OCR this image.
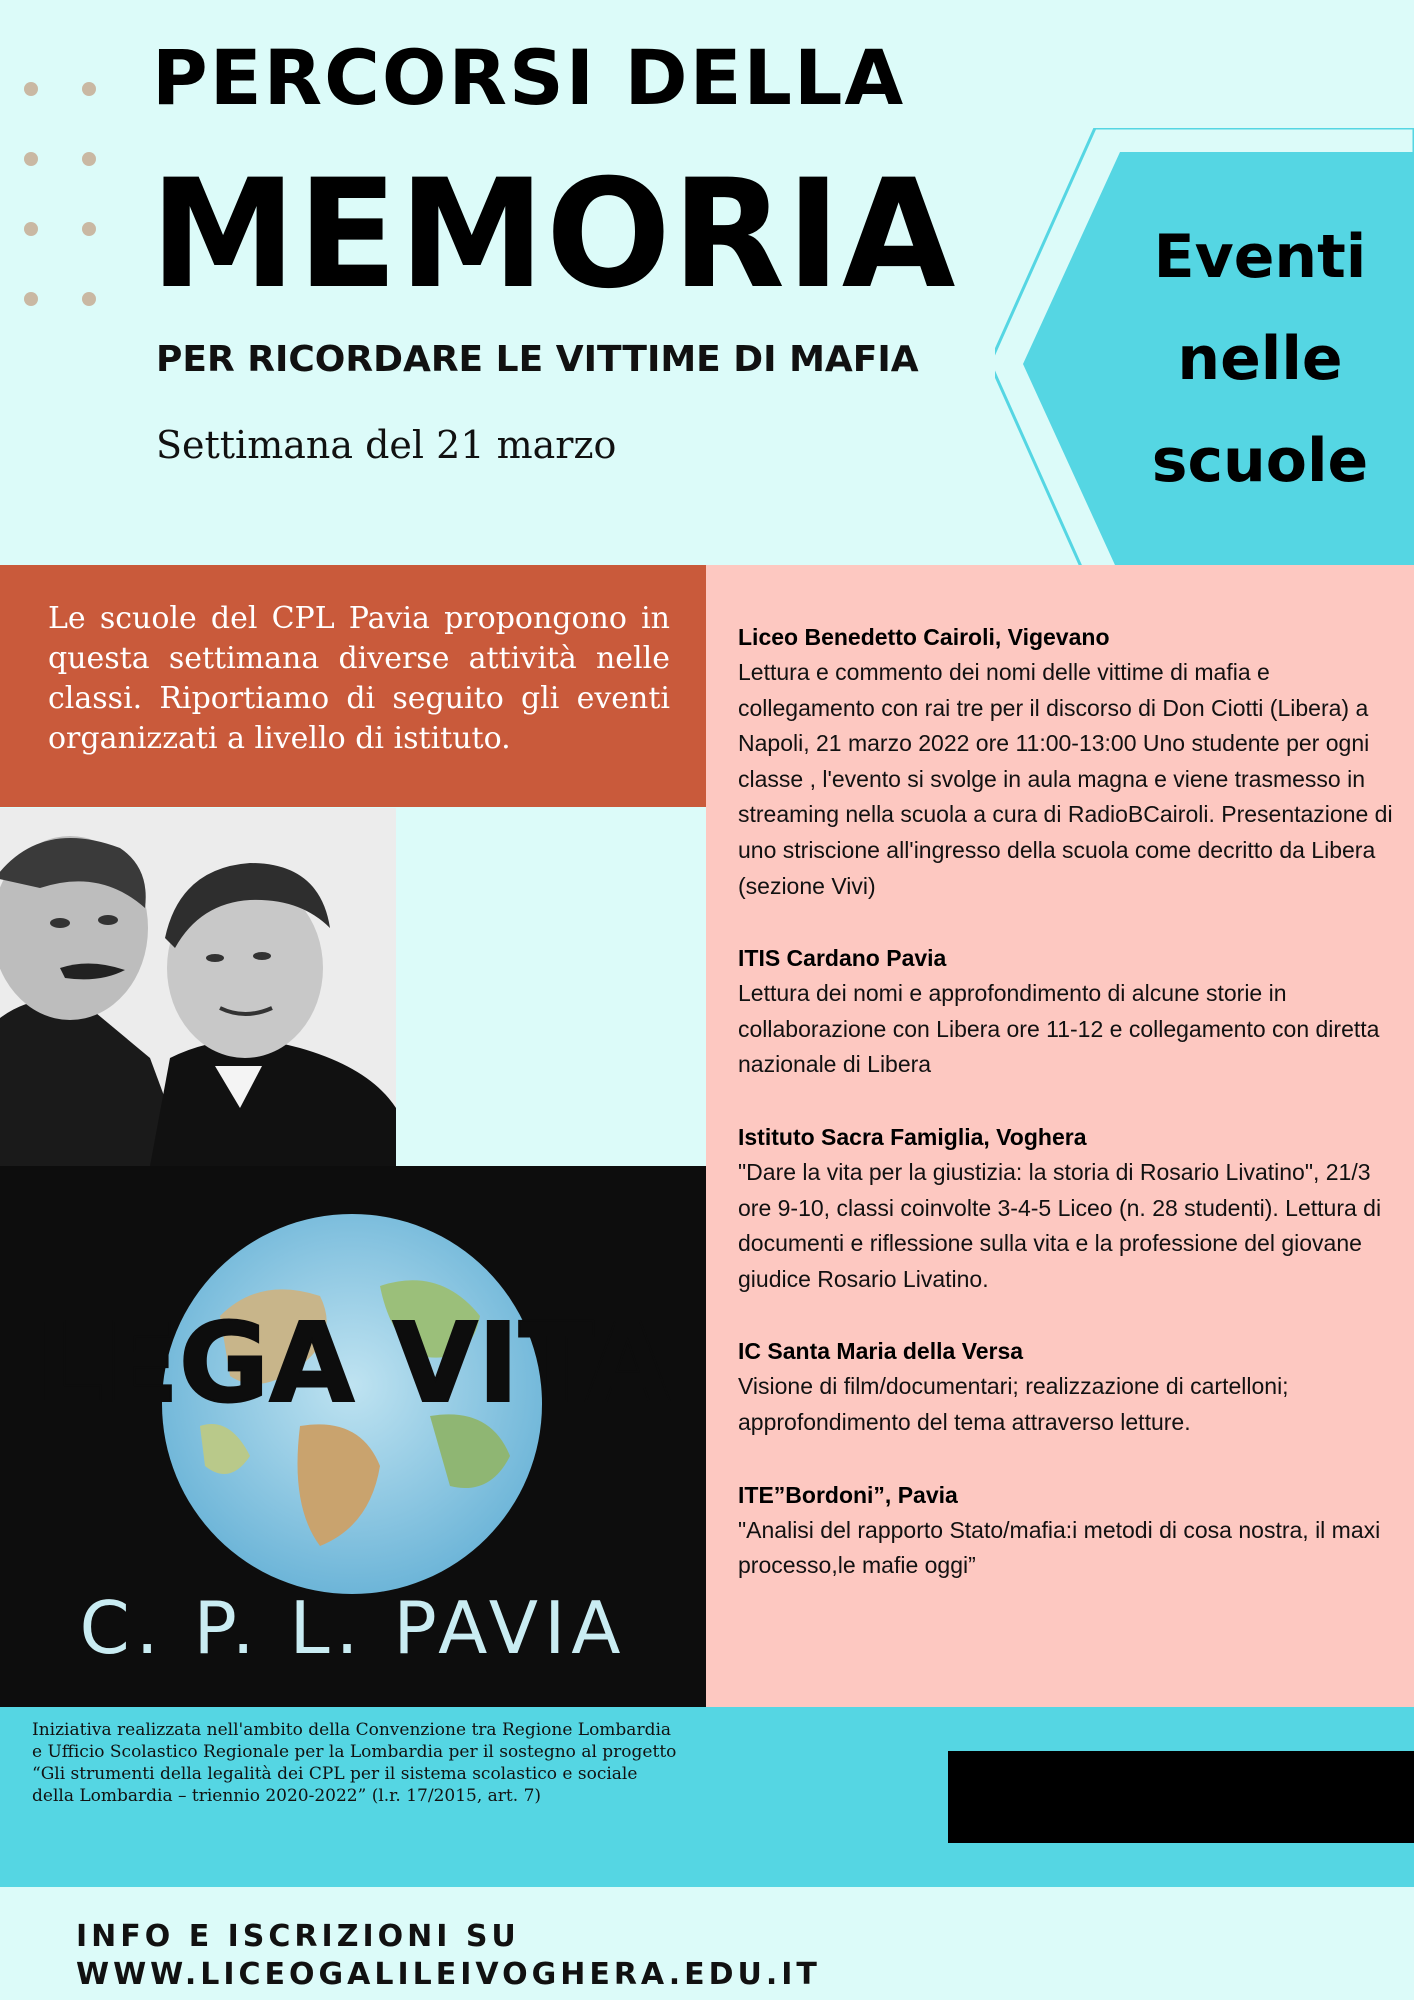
PERCORSI DELLA
MEMORIA
PER RICORDARE LE VITTIME DI MAFIA
Settimana del 21 marzo
Eventi
nelle
scuole
Le scuole del CPL Pavia propongono in questa settimana diverse attività nelle classi. Riportiamo di seguito gli eventi organizzati a livello di istituto.
Liceo Benedetto Cairoli, Vigevano
Lettura e commento dei nomi delle vittime di mafia e collegamento con rai tre per il discorso di Don Ciotti (Libera) a Napoli, 21 marzo 2022 ore 11:00-13:00 Uno studente per ogni classe , l'evento si svolge in aula magna e viene trasmesso in streaming nella scuola a cura di RadioBCairoli. Presentazione di uno striscione all'ingresso della scuola come decritto da Libera (sezione Vivi)
ITIS Cardano Pavia
Lettura dei nomi e approfondimento di alcune storie in collaborazione con Libera ore 11-12 e collegamento con diretta nazionale di Libera
Istituto Sacra Famiglia, Voghera
"Dare la vita per la giustizia: la storia di Rosario Livatino", 21/3 ore 9-10, classi coinvolte 3-4-5 Liceo (n. 28 studenti). Lettura di documenti e riflessione sulla vita e la professione del giovane giudice Rosario Livatino.
IC Santa Maria della Versa
Visione di film/documentari; realizzazione di cartelloni; approfondimento del tema attraverso letture.
ITE”Bordoni”, Pavia
"Analisi del rapporto Stato/mafia:i metodi di cosa nostra, il maxi processo,le mafie oggi”
LEGA VITA
C. P. L. PAVIA
Iniziativa realizzata nell'ambito della Convenzione tra Regione Lombardia e Ufficio Scolastico Regionale per la Lombardia per il sostegno al progetto “Gli strumenti della legalità dei CPL per il sistema scolastico e sociale della Lombardia – triennio 2020-2022” (l.r. 17/2015, art. 7)
INFO E ISCRIZIONI SU
WWW.LICEOGALILEIVOGHERA.EDU.IT
